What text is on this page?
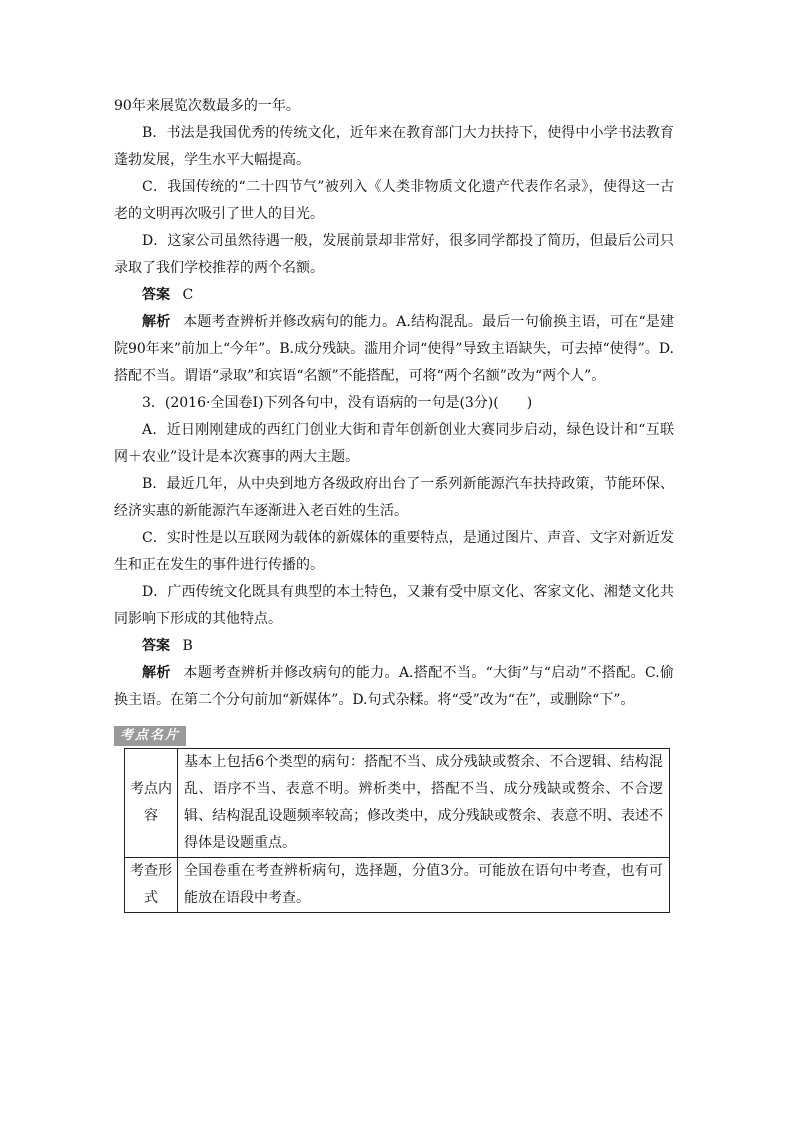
90年来展览次数最多的一年。

B．书法是我国优秀的传统文化，近年来在教育部门大力扶持下，使得中小学书法教育蓬勃发展，学生水平大幅提高。

C．我国传统的“二十四节气”被列入《人类非物质文化遗产代表作名录》，使得这一古老的文明再次吸引了世人的目光。

D．这家公司虽然待遇一般，发展前景却非常好，很多同学都投了简历，但最后公司只录取了我们学校推荐的两个名额。

答案 C

解析 本题考查辨析并修改病句的能力。A.结构混乱。最后一句偷换主语，可在“是建院90年来”前加上“今年”。B.成分残缺。滥用介词“使得”导致主语缺失，可去掉“使得”。D.搭配不当。谓语“录取”和宾语“名额”不能搭配，可将“两个名额”改为“两个人”。

3．(2016·全国卷Ⅰ)下列各句中，没有语病的一句是(3分)(　　)

A．近日刚刚建成的西红门创业大街和青年创新创业大赛同步启动，绿色设计和“互联网＋农业”设计是本次赛事的两大主题。

B．最近几年，从中央到地方各级政府出台了一系列新能源汽车扶持政策，节能环保、经济实惠的新能源汽车逐渐进入老百姓的生活。

C．实时性是以互联网为载体的新媒体的重要特点，是通过图片、声音、文字对新近发生和正在发生的事件进行传播的。

D．广西传统文化既具有典型的本土特色，又兼有受中原文化、客家文化、湘楚文化共同影响下形成的其他特点。

答案 B

解析 本题考查辨析并修改病句的能力。A.搭配不当。“大街”与“启动”不搭配。C.偷换主语。在第二个分句前加“新媒体”。D.句式杂糅。将“受”改为“在”，或删除“下”。

考点名片
考点内容	基本上包括6个类型的病句：搭配不当、成分残缺或赘余、不合逻辑、结构混乱、语序不当、表意不明。辨析类中，搭配不当、成分残缺或赘余、不合逻辑、结构混乱设题频率较高；修改类中，成分残缺或赘余、表意不明、表述不得体是设题重点。
考查形式	全国卷重在考查辨析病句，选择题，分值3分。可能放在语句中考查，也有可能放在语段中考查。
